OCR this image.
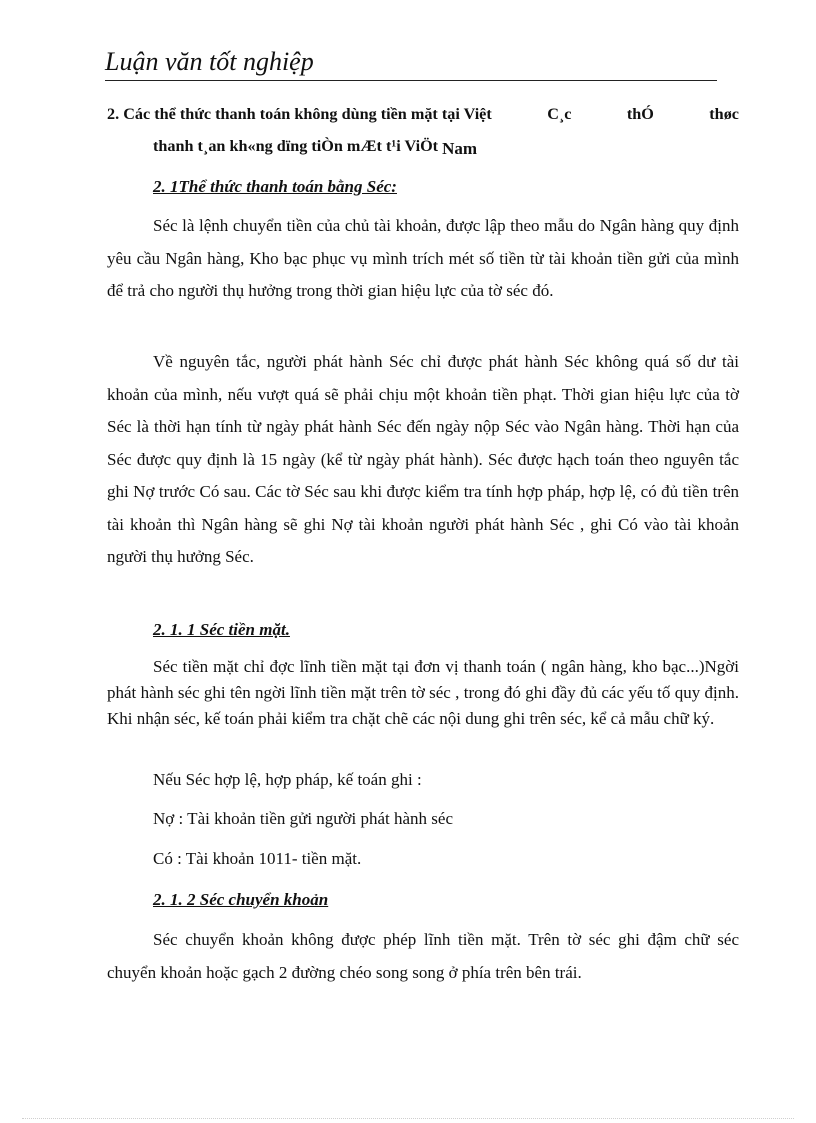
Luận văn tốt nghiệp
2. Các thể thức thanh toán không dùng tiền mặt tại Việt	C¸c	thÓ	thøc
thanh t¸an kh«ng dïng tiÒn mÆt t¹i ViÖt Nam
2. 1Thể thức thanh toán bằng Séc:

Séc là lệnh chuyển tiền của chủ tài khoản, được lập theo mẫu do Ngân hàng quy định yêu cầu Ngân hàng, Kho bạc phục vụ mình trích mét số tiền từ tài khoản tiền gửi của mình để trả cho người thụ hưởng trong thời gian hiệu lực của tờ séc đó.

Về nguyên tắc, người phát hành Séc chỉ được phát hành Séc không quá số dư tài khoản của mình, nếu vượt quá sẽ phải chịu một khoản tiền phạt. Thời gian hiệu lực của tờ Séc là thời hạn tính từ ngày phát hành Séc đến ngày nộp Séc vào Ngân hàng. Thời hạn của Séc được quy định là 15 ngày (kể từ ngày phát hành). Séc được hạch toán theo nguyên tắc ghi Nợ trước Có sau. Các tờ Séc sau khi được kiểm tra tính hợp pháp, hợp lệ, có đủ tiền trên tài khoản thì Ngân hàng sẽ ghi Nợ tài khoản người phát hành Séc , ghi Có vào tài khoản người thụ hưởng Séc.

2. 1. 1 Séc tiền mặt.

Séc tiền mặt chỉ đợc lĩnh tiền mặt tại đơn vị thanh toán ( ngân hàng, kho bạc...)Ngời phát hành séc ghi tên ngời lĩnh tiền mặt trên tờ séc , trong đó ghi đầy đủ các yếu tố quy định. Khi nhận séc, kế toán phải kiểm tra chặt chẽ các nội dung ghi trên séc, kể cả mẫu chữ ký.

Nếu Séc hợp lệ, hợp pháp, kế toán ghi :
Nợ : Tài khoản tiền gửi người phát hành séc
Có : Tài khoản 1011- tiền mặt.
2. 1. 2 Séc chuyển khoản

Séc chuyển khoản không được phép lĩnh tiền mặt. Trên tờ séc ghi đậm chữ séc chuyển khoản hoặc gạch 2 đường chéo song song ở phía trên bên trái.
